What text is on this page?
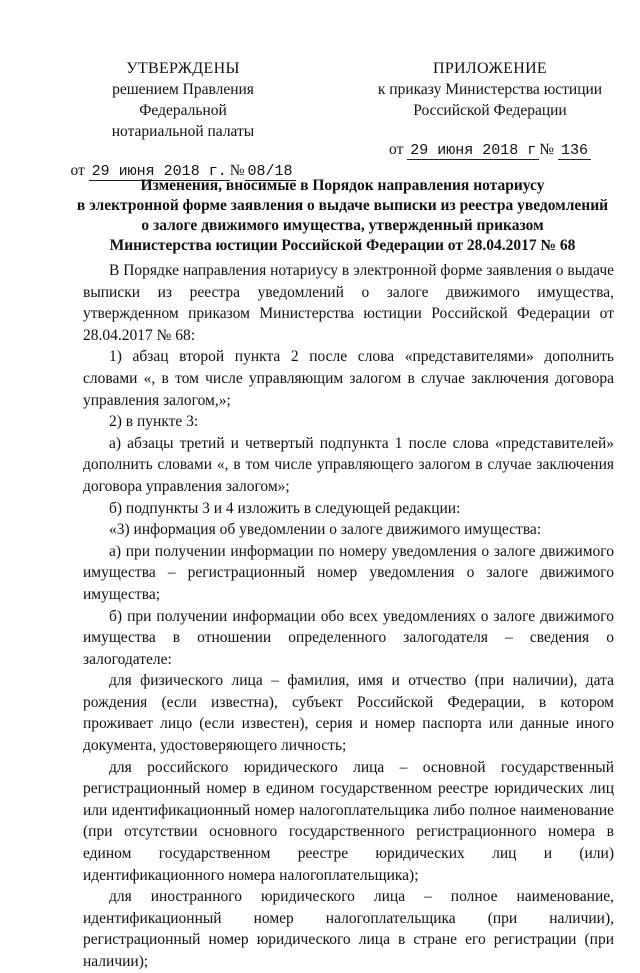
УТВЕРЖДЕНЫ
решением Правления Федеральной
нотариальной палаты
от 29 июня 2018 г. № 08/18
ПРИЛОЖЕНИЕ
к приказу Министерства юстиции
Российской Федерации
от 29 июня 2018 г № 136
Изменения, вносимые в Порядок направления нотариусу
в электронной форме заявления о выдаче выписки из реестра уведомлений
о залоге движимого имущества, утвержденный приказом
Министерства юстиции Российской Федерации от 28.04.2017 № 68

В Порядке направления нотариусу в электронной форме заявления о выдаче выписки из реестра уведомлений о залоге движимого имущества, утвержденном приказом Министерства юстиции Российской Федерации от 28.04.2017 № 68:

1) абзац второй пункта 2 после слова «представителями» дополнить словами «, в том числе управляющим залогом в случае заключения договора управления залогом,»;

2) в пункте 3:

а) абзацы третий и четвертый подпункта 1 после слова «представителей» дополнить словами «, в том числе управляющего залогом в случае заключения договора управления залогом»;

б) подпункты 3 и 4 изложить в следующей редакции:

«3) информация об уведомлении о залоге движимого имущества:

а) при получении информации по номеру уведомления о залоге движимого имущества – регистрационный номер уведомления о залоге движимого имущества;

б) при получении информации обо всех уведомлениях о залоге движимого имущества в отношении определенного залогодателя – сведения о залогодателе:

для физического лица – фамилия, имя и отчество (при наличии), дата рождения (если известна), субъект Российской Федерации, в котором проживает лицо (если известен), серия и номер паспорта или данные иного документа, удостоверяющего личность;

для российского юридического лица – основной государственный регистрационный номер в едином государственном реестре юридических лиц или идентификационный номер налогоплательщика либо полное наименование (при отсутствии основного государственного регистрационного номера в едином государственном реестре юридических лиц и (или) идентификационного номера налогоплательщика);

для иностранного юридического лица – полное наименование, идентификационный номер налогоплательщика (при наличии), регистрационный номер юридического лица в стране его регистрации (при наличии);
